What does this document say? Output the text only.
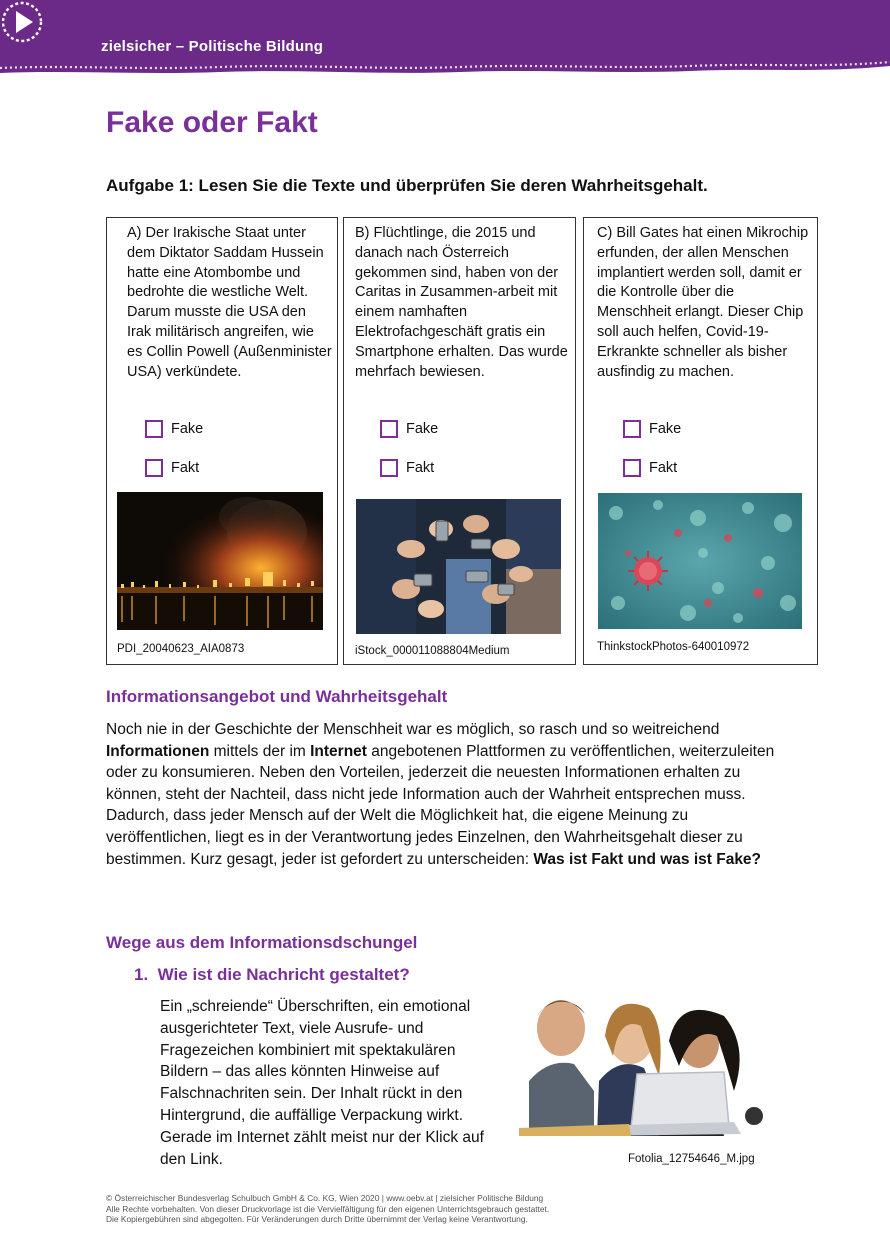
zielsicher – Politische Bildung
Fake oder Fakt
Aufgabe 1: Lesen Sie die Texte und überprüfen Sie deren Wahrheitsgehalt.
A) Der Irakische Staat unter dem Diktator Saddam Hussein hatte eine Atombombe und bedrohte die westliche Welt. Darum musste die USA den Irak militärisch angreifen, wie es Collin Powell (Außenminister USA) verkündete.
Fake
Fakt
PDI_20040623_AIA0873
B) Flüchtlinge, die 2015 und danach nach Österreich gekommen sind, haben von der Caritas in Zusammen-arbeit mit einem namhaften Elektrofachgeschäft gratis ein Smartphone erhalten. Das wurde mehrfach bewiesen.
Fake
Fakt
iStock_000011088804Medium
C) Bill Gates hat einen Mikrochip erfunden, der allen Menschen implantiert werden soll, damit er die Kontrolle über die Menschheit erlangt. Dieser Chip soll auch helfen, Covid-19-Erkrankte schneller als bisher ausfindig zu machen.
Fake
Fakt
ThinkstockPhotos-640010972
Informationsangebot und Wahrheitsgehalt

Noch nie in der Geschichte der Menschheit war es möglich, so rasch und so weitreichend Informationen mittels der im Internet angebotenen Plattformen zu veröffentlichen, weiterzuleiten oder zu konsumieren. Neben den Vorteilen, jederzeit die neuesten Informationen erhalten zu können, steht der Nachteil, dass nicht jede Information auch der Wahrheit entsprechen muss. Dadurch, dass jeder Mensch auf der Welt die Möglichkeit hat, die eigene Meinung zu veröffentlichen, liegt es in der Verantwortung jedes Einzelnen, den Wahrheitsgehalt dieser zu bestimmen. Kurz gesagt, jeder ist gefordert zu unterscheiden: Was ist Fakt und was ist Fake?

Wege aus dem Informationsdschungel
1. Wie ist die Nachricht gestaltet?

Ein „schreiende“ Überschriften, ein emotional ausgerichteter Text, viele Ausrufe- und Fragezeichen kombiniert mit spektakulären Bildern – das alles könnten Hinweise auf Falschnachriten sein. Der Inhalt rückt in den Hintergrund, die auffällige Verpackung wirkt. Gerade im Internet zählt meist nur der Klick auf den Link.	Fotolia_12754646_M.jpg
© Österreichischer Bundesverlag Schulbuch GmbH & Co. KG, Wien 2020 | www.oebv.at | zielsicher Politische Bildung
Alle Rechte vorbehalten. Von dieser Druckvorlage ist die Vervielfältigung für den eigenen Unterrichtsgebrauch gestattet.
Die Kopiergebühren sind abgegolten. Für Veränderungen durch Dritte übernimmt der Verlag keine Verantwortung.
